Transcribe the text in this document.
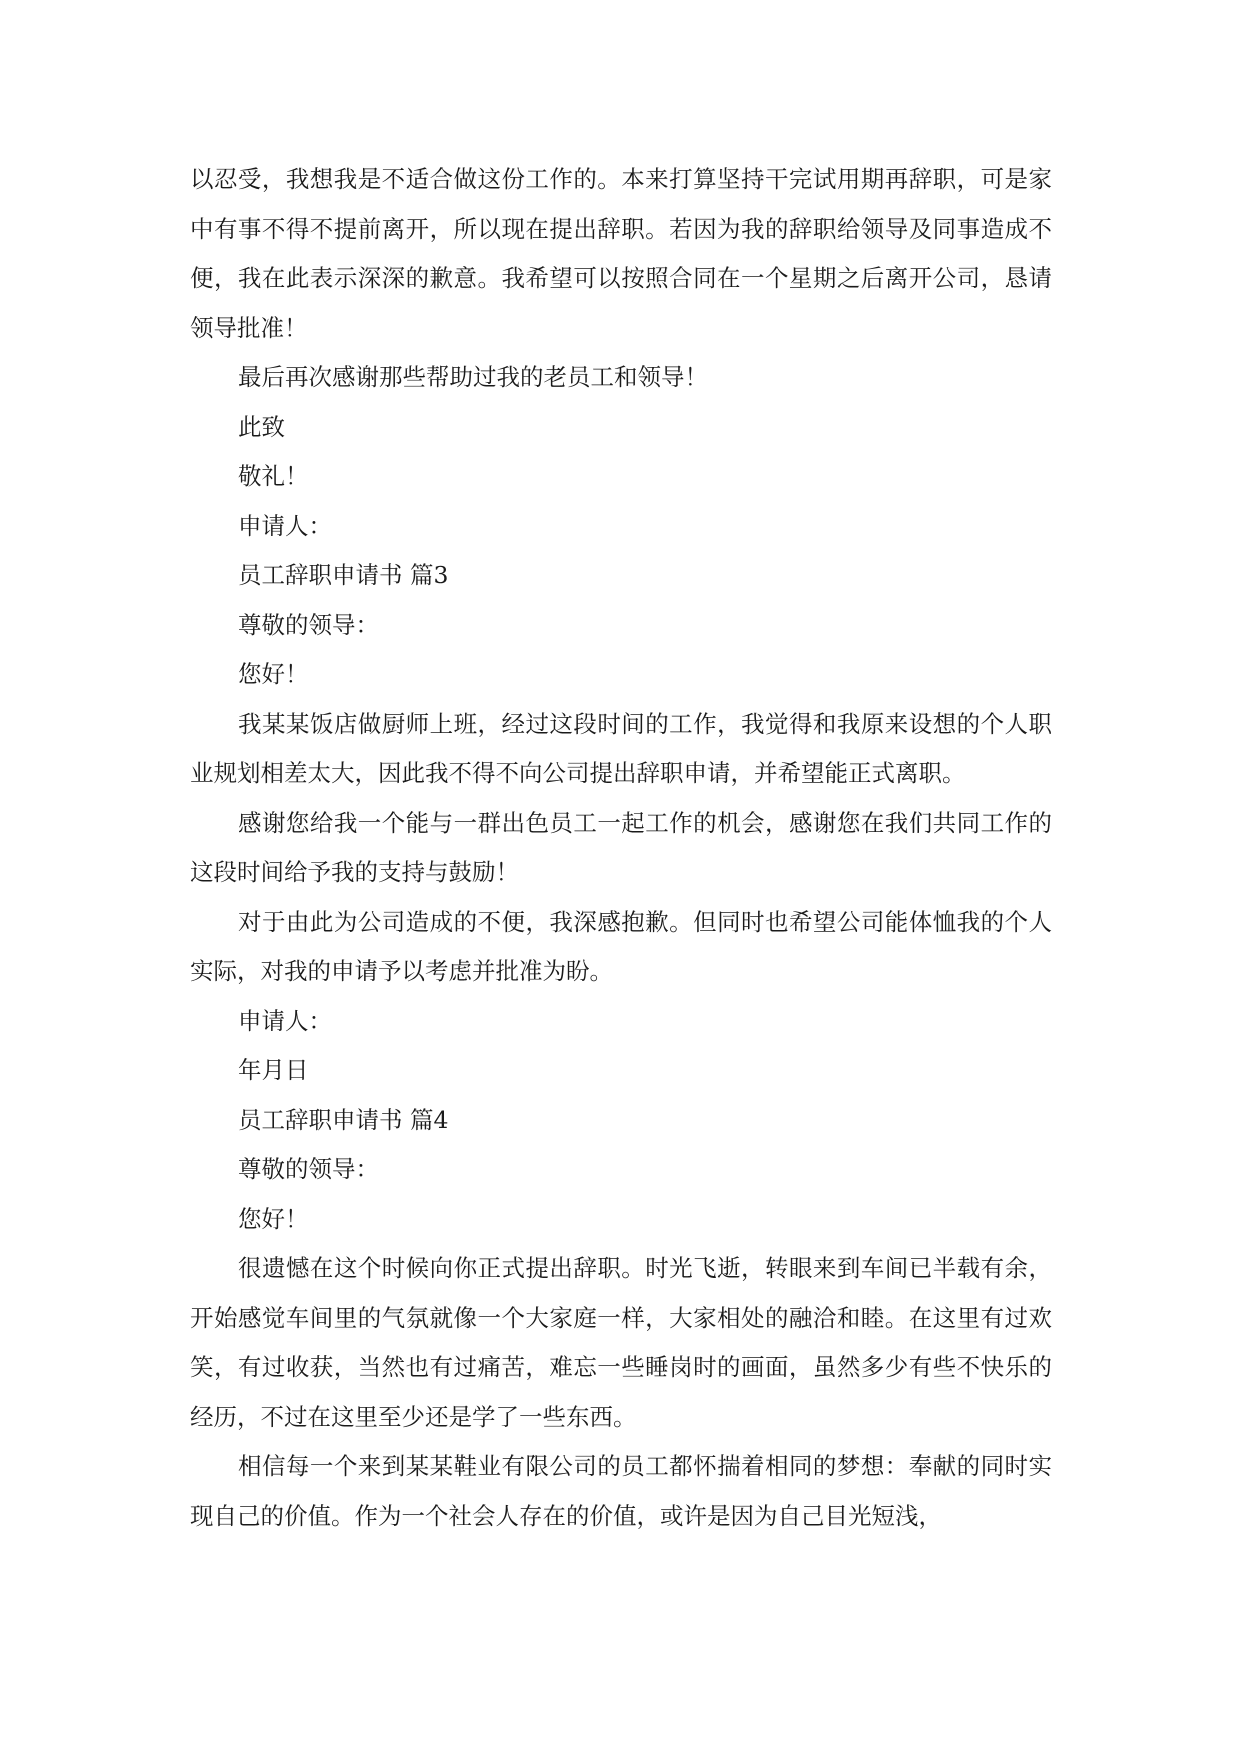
以忍受，我想我是不适合做这份工作的。本来打算坚持干完试用期再辞职，可是家中有事不得不提前离开，所以现在提出辞职。若因为我的辞职给领导及同事造成不便，我在此表示深深的歉意。我希望可以按照合同在一个星期之后离开公司，恳请领导批准！

最后再次感谢那些帮助过我的老员工和领导！

此致

敬礼！

申请人：

员工辞职申请书 篇3

尊敬的领导：

您好！

我某某饭店做厨师上班，经过这段时间的工作，我觉得和我原来设想的个人职业规划相差太大，因此我不得不向公司提出辞职申请，并希望能正式离职。

感谢您给我一个能与一群出色员工一起工作的机会，感谢您在我们共同工作的这段时间给予我的支持与鼓励！

对于由此为公司造成的不便，我深感抱歉。但同时也希望公司能体恤我的个人实际，对我的申请予以考虑并批准为盼。

申请人：

年月日

员工辞职申请书 篇4

尊敬的领导：

您好！

很遗憾在这个时候向你正式提出辞职。时光飞逝，转眼来到车间已半载有余，开始感觉车间里的气氛就像一个大家庭一样，大家相处的融洽和睦。在这里有过欢笑，有过收获，当然也有过痛苦，难忘一些睡岗时的画面，虽然多少有些不快乐的经历，不过在这里至少还是学了一些东西。

相信每一个来到某某鞋业有限公司的员工都怀揣着相同的梦想：奉献的同时实现自己的价值。作为一个社会人存在的价值，或许是因为自己目光短浅，
